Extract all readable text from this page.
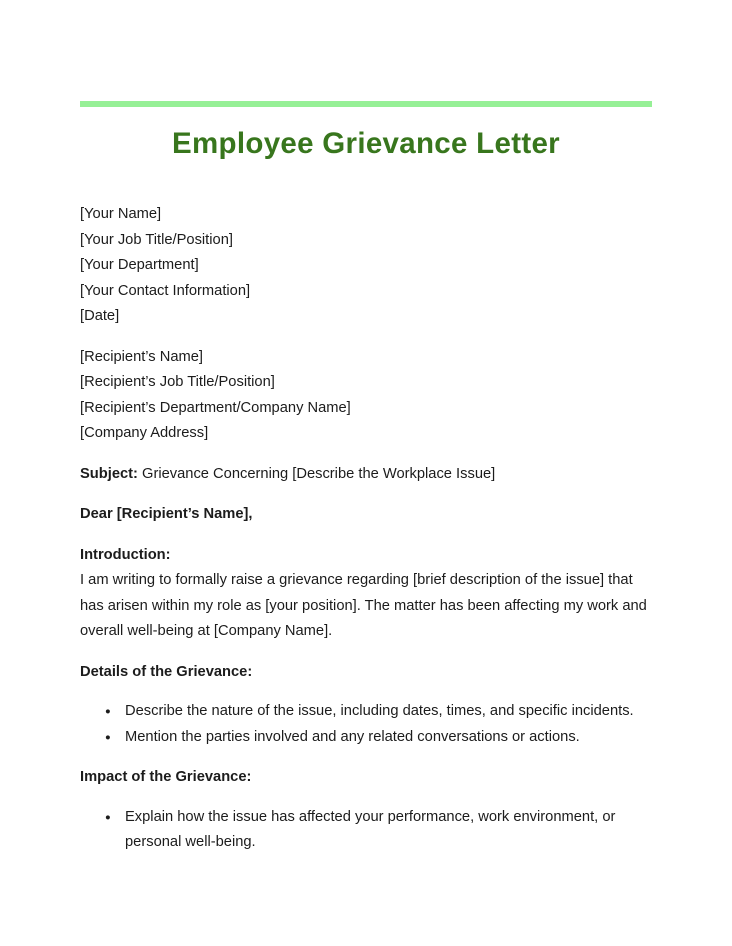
Employee Grievance Letter
[Your Name]
[Your Job Title/Position]
[Your Department]
[Your Contact Information]
[Date]
[Recipient’s Name]
[Recipient’s Job Title/Position]
[Recipient’s Department/Company Name]
[Company Address]

Subject: Grievance Concerning [Describe the Workplace Issue]

Dear [Recipient’s Name],

Introduction:

I am writing to formally raise a grievance regarding [brief description of the issue] that has arisen within my role as [your position]. The matter has been affecting my work and overall well-being at [Company Name].

Details of the Grievance:
● Describe the nature of the issue, including dates, times, and specific incidents.
● Mention the parties involved and any related conversations or actions.
Impact of the Grievance:
● Explain how the issue has affected your performance, work environment, or personal well-being.
